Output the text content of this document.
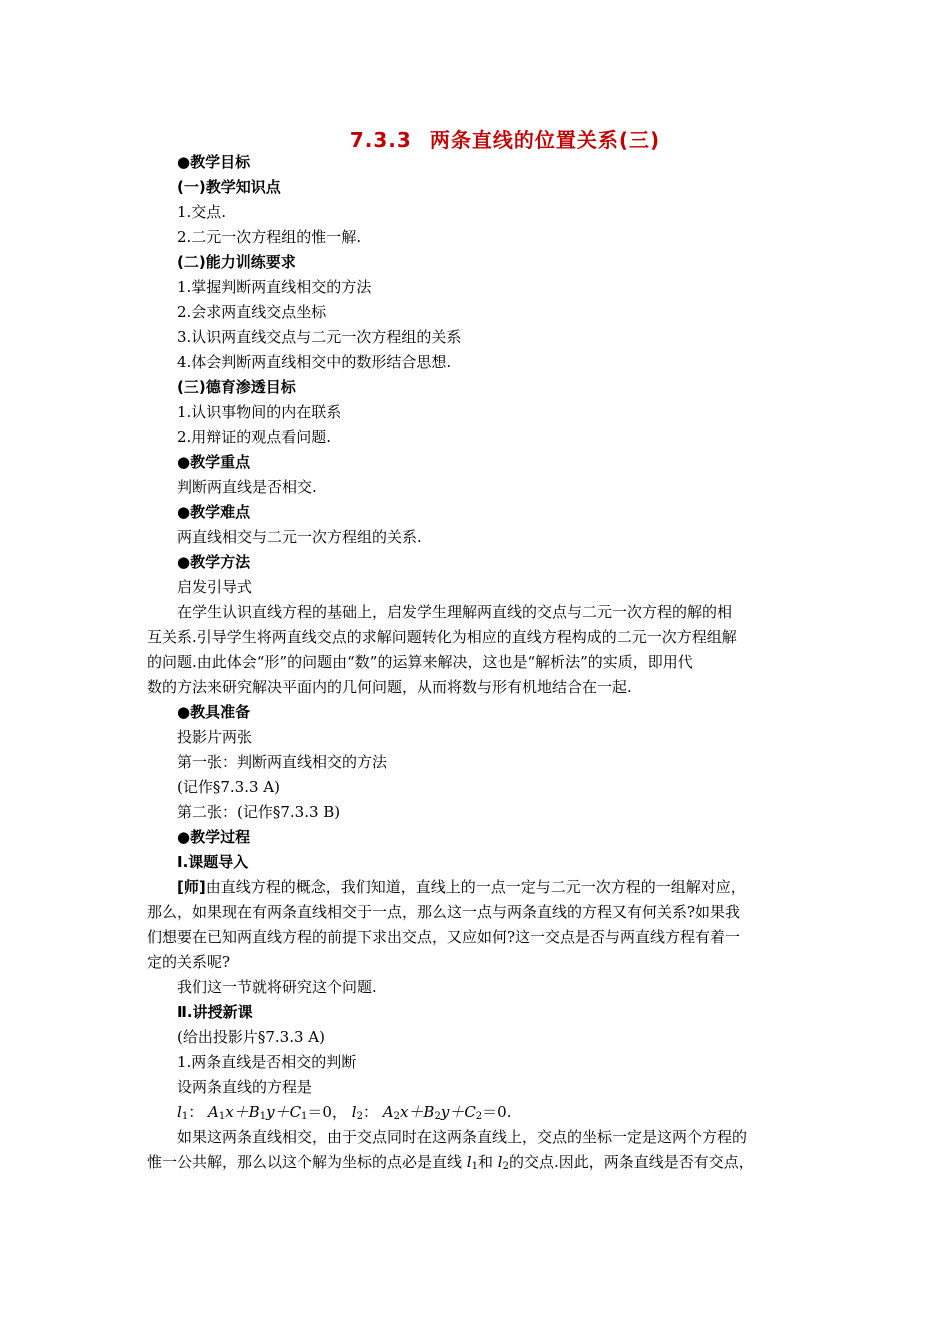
7.3.3 两条直线的位置关系(三)
●教学目标
(一)教学知识点
1.交点.
2.二元一次方程组的惟一解.
(二)能力训练要求
1.掌握判断两直线相交的方法
2.会求两直线交点坐标
3.认识两直线交点与二元一次方程组的关系
4.体会判断两直线相交中的数形结合思想.
(三)德育渗透目标
1.认识事物间的内在联系
2.用辩证的观点看问题.
●教学重点
判断两直线是否相交.
●教学难点
两直线相交与二元一次方程组的关系.
●教学方法
启发引导式
在学生认识直线方程的基础上，启发学生理解两直线的交点与二元一次方程的解的相
互关系.引导学生将两直线交点的求解问题转化为相应的直线方程构成的二元一次方程组解
的问题.由此体会“形”的问题由“数”的运算来解决，这也是“解析法”的实质，即用代
数的方法来研究解决平面内的几何问题，从而将数与形有机地结合在一起.
●教具准备
投影片两张
第一张：判断两直线相交的方法
(记作§7.3.3 A)
第二张：(记作§7.3.3 B)
●教学过程
Ⅰ.课题导入
[师]由直线方程的概念，我们知道，直线上的一点一定与二元一次方程的一组解对应，
那么，如果现在有两条直线相交于一点，那么这一点与两条直线的方程又有何关系?如果我
们想要在已知两直线方程的前提下求出交点，又应如何?这一交点是否与两直线方程有着一
定的关系呢?
我们这一节就将研究这个问题.
Ⅱ.讲授新课
(给出投影片§7.3.3 A)
1.两条直线是否相交的判断
设两条直线的方程是
$l_1$： $A_1x+B_1y+C_1=0$， $l_2$： $A_2x+B_2y+C_2=0$.
如果这两条直线相交，由于交点同时在这两条直线上，交点的坐标一定是这两个方程的
惟一公共解，那么以这个解为坐标的点必是直线 $l_1$和 $l_2$的交点.因此，两条直线是否有交点，
